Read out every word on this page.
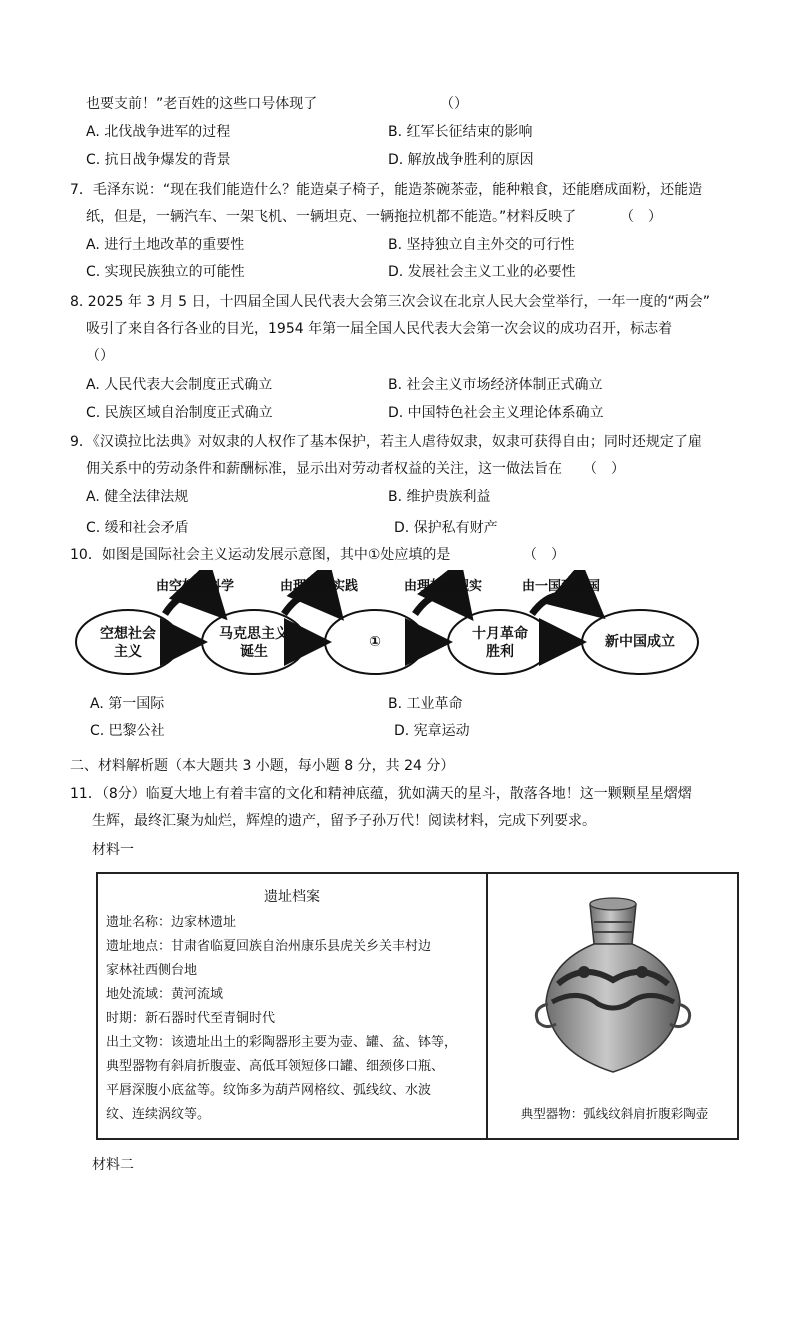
也要支前！”老百姓的这些口号体现了	（）
A. 北伐战争进军的过程	B. 红军长征结束的影响
C. 抗日战争爆发的背景	D. 解放战争胜利的原因
7．毛泽东说：“现在我们能造什么？能造桌子椅子，能造茶碗茶壶，能种粮食，还能磨成面粉，还能造
纸，但是，一辆汽车、一架飞机、一辆坦克、一辆拖拉机都不能造。”材料反映了	（　）
A. 进行土地改革的重要性	B. 坚持独立自主外交的可行性
C. 实现民族独立的可能性	D. 发展社会主义工业的必要性
8. 2025 年 3 月 5 日，十四届全国人民代表大会第三次会议在北京人民大会堂举行，一年一度的“两会”
吸引了来自各行各业的目光，1954 年第一届全国人民代表大会第一次会议的成功召开，标志着
（）
A. 人民代表大会制度正式确立	B. 社会主义市场经济体制正式确立
C. 民族区域自治制度正式确立	D. 中国特色社会主义理论体系确立
9．《汉谟拉比法典》对奴隶的人权作了基本保护，若主人虐待奴隶，奴隶可获得自由；同时还规定了雇
佣关系中的劳动条件和薪酬标准，显示出对劳动者权益的关注，这一做法旨在 （　）
A. 健全法律法规	B. 维护贵族利益
C. 缓和社会矛盾	D. 保护私有财产
10．如图是国际社会主义运动发展示意图，其中①处应填的是	（　）
由空想到科学	由理论到实践	由理想到现实	由一国到多国
空想社会
主义
马克思主义
诞生
①	十月革命
胜利
新中国成立
A. 第一国际	B. 工业革命
C. 巴黎公社	D. 宪章运动
二、材料解析题（本大题共 3 小题，每小题 8 分，共 24 分）
11．（8分）临夏大地上有着丰富的文化和精神底蕴，犹如满天的星斗，散落各地！这一颗颗星星熠熠
生辉，最终汇聚为灿烂，辉煌的遗产，留予子孙万代！阅读材料，完成下列要求。
材料一
遗址档案
遗址名称：边家林遗址
遗址地点：甘肃省临夏回族自治州康乐县虎关乡关丰村边
家林社西侧台地
地处流域：黄河流域
时期：新石器时代至青铜时代
出土文物：该遗址出土的彩陶器形主要为壶、罐、盆、钵等，
典型器物有斜肩折腹壶、高低耳领短侈口罐、细颈侈口瓶、
平唇深腹小底盆等。纹饰多为葫芦网格纹、弧线纹、水波
纹、连续涡纹等。	典型器物：弧线纹斜肩折腹彩陶壶
材料二
